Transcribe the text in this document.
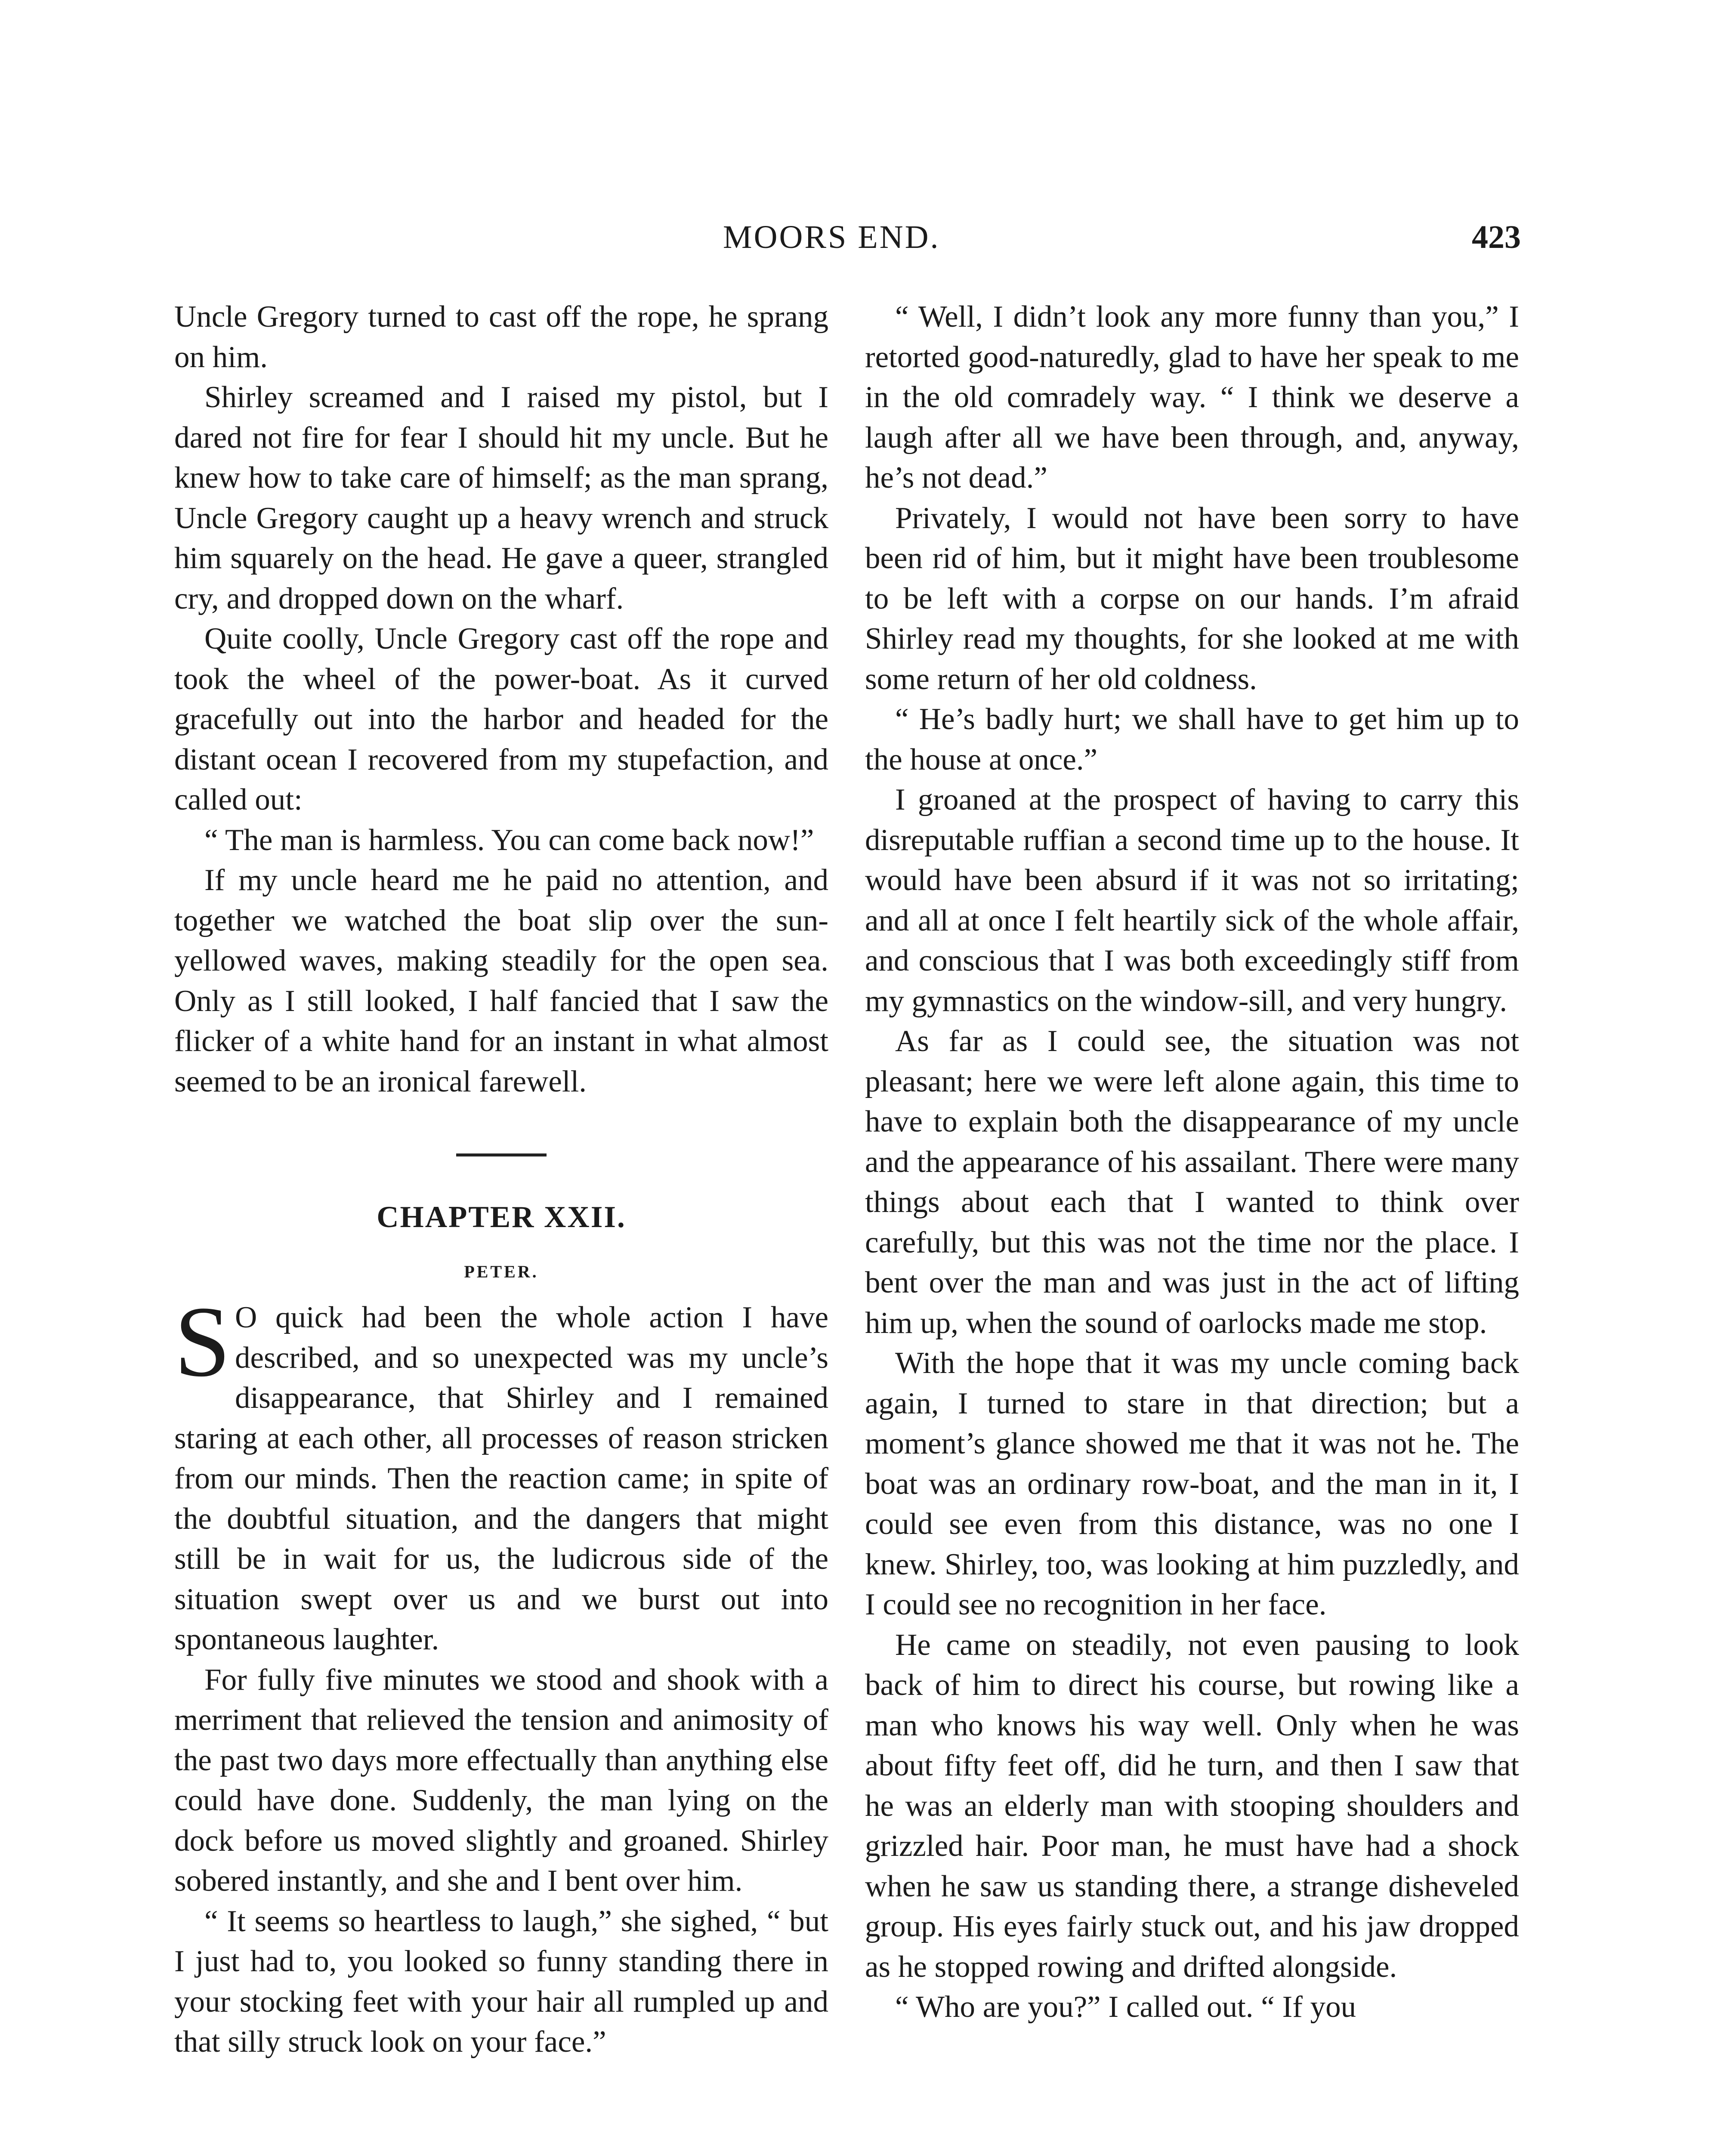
MOORS END.	423

Uncle Gregory turned to cast off the rope, he sprang on him.

Shirley screamed and I raised my pistol, but I dared not fire for fear I should hit my uncle. But he knew how to take care of himself; as the man sprang, Uncle Gregory caught up a heavy wrench and struck him squarely on the head. He gave a queer, strangled cry, and dropped down on the wharf.

Quite coolly, Uncle Gregory cast off the rope and took the wheel of the power-boat. As it curved gracefully out into the harbor and headed for the distant ocean I recovered from my stupefaction, and called out:

“ The man is harmless. You can come back now!”

If my uncle heard me he paid no attention, and together we watched the boat slip over the sun-yellowed waves, making steadily for the open sea. Only as I still looked, I half fancied that I saw the flicker of a white hand for an instant in what almost seemed to be an ironical farewell.

CHAPTER XXII.
PETER.

S O quick had been the whole action I have described, and so unexpected was my uncle’s disappearance, that Shirley and I remained staring at each other, all processes of reason stricken from our minds. Then the reaction came; in spite of the doubtful situation, and the dangers that might still be in wait for us, the ludicrous side of the situation swept over us and we burst out into spontaneous laughter.

For fully five minutes we stood and shook with a merriment that relieved the tension and animosity of the past two days more effectually than anything else could have done. Suddenly, the man lying on the dock before us moved slightly and groaned. Shirley sobered instantly, and she and I bent over him.

“ It seems so heartless to laugh,” she sighed, “ but I just had to, you looked so funny standing there in your stocking feet with your hair all rumpled up and that silly struck look on your face.”

“ Well, I didn’t look any more funny than you,” I retorted good-naturedly, glad to have her speak to me in the old comradely way. “ I think we deserve a laugh after all we have been through, and, anyway, he’s not dead.”

Privately, I would not have been sorry to have been rid of him, but it might have been troublesome to be left with a corpse on our hands. I’m afraid Shirley read my thoughts, for she looked at me with some return of her old coldness.

“ He’s badly hurt; we shall have to get him up to the house at once.”

I groaned at the prospect of having to carry this disreputable ruffian a second time up to the house. It would have been absurd if it was not so irritating; and all at once I felt heartily sick of the whole affair, and conscious that I was both exceedingly stiff from my gymnastics on the window-sill, and very hungry.

As far as I could see, the situation was not pleasant; here we were left alone again, this time to have to explain both the disappearance of my uncle and the appearance of his assailant. There were many things about each that I wanted to think over carefully, but this was not the time nor the place. I bent over the man and was just in the act of lifting him up, when the sound of oarlocks made me stop.

With the hope that it was my uncle coming back again, I turned to stare in that direction; but a moment’s glance showed me that it was not he. The boat was an ordinary row-boat, and the man in it, I could see even from this distance, was no one I knew. Shirley, too, was looking at him puzzledly, and I could see no recognition in her face.

He came on steadily, not even pausing to look back of him to direct his course, but rowing like a man who knows his way well. Only when he was about fifty feet off, did he turn, and then I saw that he was an elderly man with stooping shoulders and grizzled hair. Poor man, he must have had a shock when he saw us standing there, a strange disheveled group. His eyes fairly stuck out, and his jaw dropped as he stopped rowing and drifted alongside.

“ Who are you?” I called out. “ If you
